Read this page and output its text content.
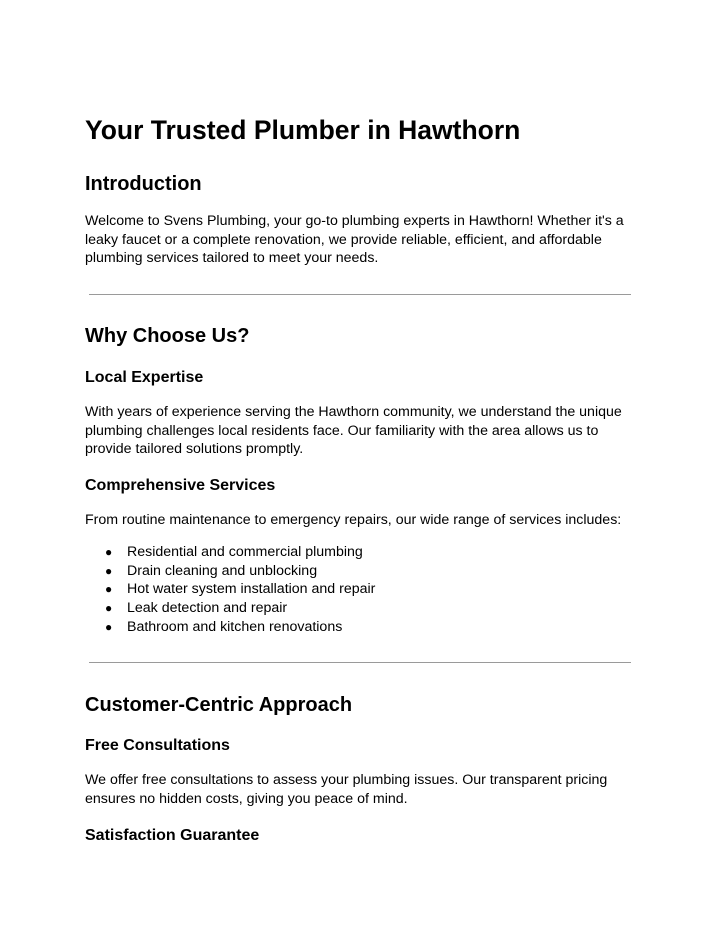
Your Trusted Plumber in Hawthorn
Introduction
Welcome to Svens Plumbing, your go-to plumbing experts in Hawthorn! Whether it's a leaky faucet or a complete renovation, we provide reliable, efficient, and affordable plumbing services tailored to meet your needs.
Why Choose Us?
Local Expertise
With years of experience serving the Hawthorn community, we understand the unique plumbing challenges local residents face. Our familiarity with the area allows us to provide tailored solutions promptly.
Comprehensive Services
From routine maintenance to emergency repairs, our wide range of services includes:
● Residential and commercial plumbing
● Drain cleaning and unblocking
● Hot water system installation and repair
● Leak detection and repair
● Bathroom and kitchen renovations
Customer-Centric Approach
Free Consultations
We offer free consultations to assess your plumbing issues. Our transparent pricing ensures no hidden costs, giving you peace of mind.
Satisfaction Guarantee
